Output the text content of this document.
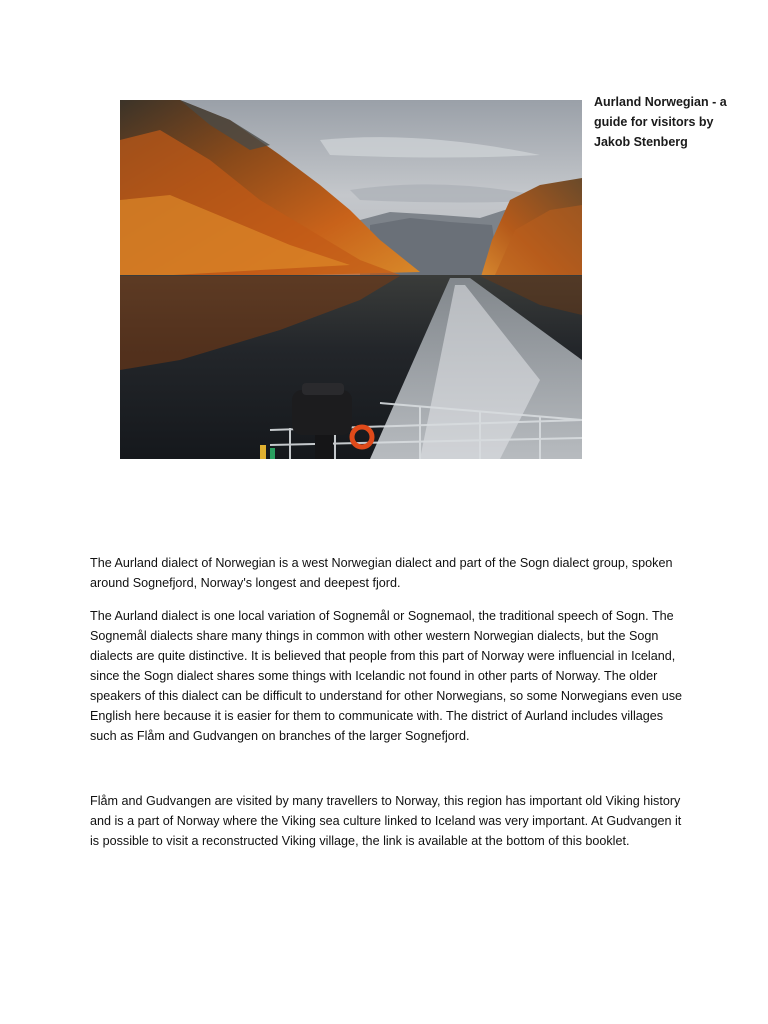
Aurland Norwegian - a guide for visitors by Jakob Stenberg

The Aurland dialect of Norwegian is a west Norwegian dialect and part of the Sogn dialect group, spoken around Sognefjord, Norway's longest and deepest fjord.

The Aurland dialect is one local variation of Sognemål or Sognemaol, the traditional speech of Sogn. The Sognemål dialects share many things in common with other western Norwegian dialects, but the Sogn dialects are quite distinctive. It is believed that people from this part of Norway were influencial in Iceland, since the Sogn dialect shares some things with Icelandic not found in other parts of Norway. The older speakers of this dialect can be difficult to understand for other Norwegians, so some Norwegians even use English here because it is easier for them to communicate with. The district of Aurland includes villages such as Flåm and Gudvangen on branches of the larger Sognefjord.

Flåm and Gudvangen are visited by many travellers to Norway, this region has important old Viking history and is a part of Norway where the Viking sea culture linked to Iceland was very important. At Gudvangen it is possible to visit a reconstructed Viking village, the link is available at the bottom of this booklet.
